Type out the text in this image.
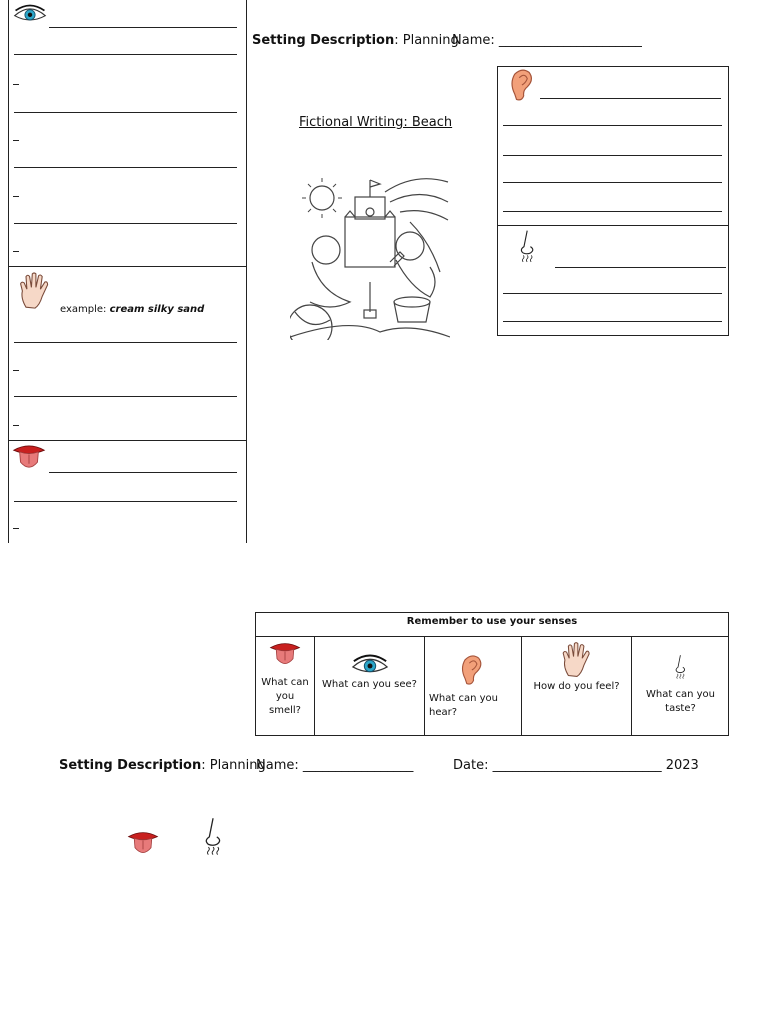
example: cream silky sand
Setting Description: Planning
Name: ______________________
Fictional Writing: Beach
Remember to use your senses
What can you smell?
What can you see?
What can you hear?
How do you feel?
What can you taste?
Setting Description: Planning
Name: _________________	Date: __________________________ 2023
